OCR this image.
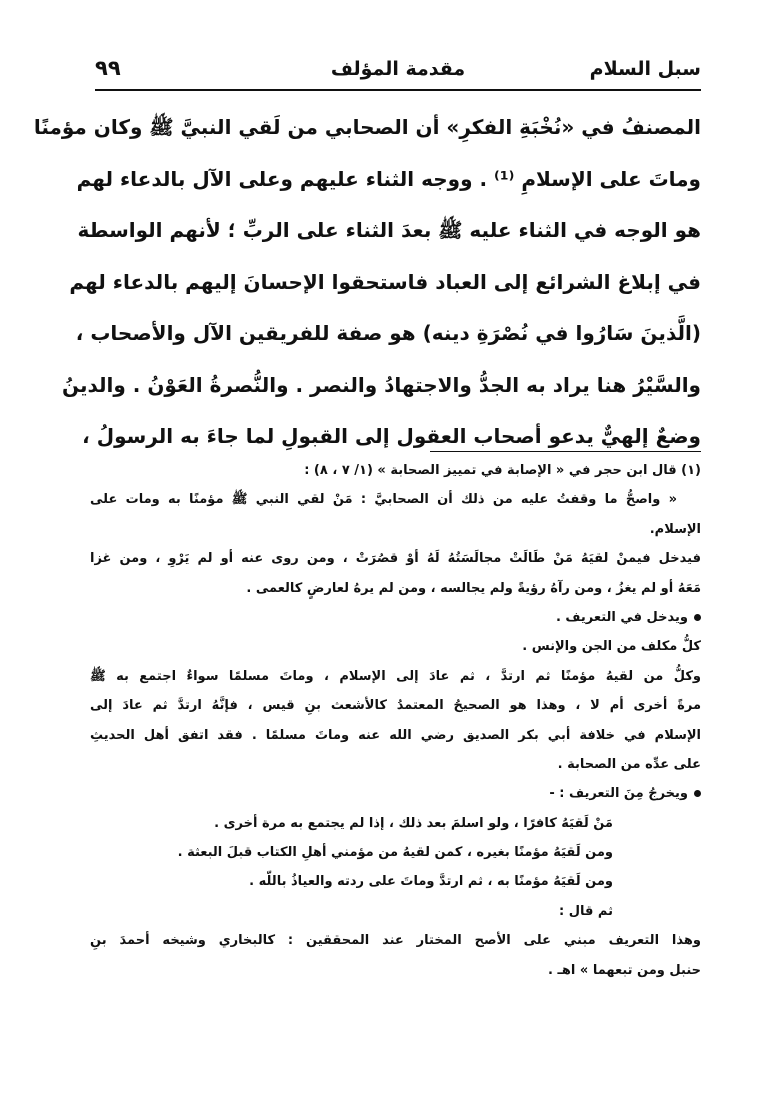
سبل السلام
مقدمة المؤلف
٩٩
المصنفُ في «نُخْبَةِ الفكرِ» أن الصحابي من لَقي النبيَّ ﷺ وكان مؤمنًا
وماتَ على الإسلامِ ⁽¹⁾ . ووجه الثناء عليهم وعلى الآل بالدعاء لهم
هو الوجه في الثناء عليه ﷺ بعدَ الثناء على الربِّ ؛ لأنهم الواسطة
في إبلاغ الشرائع إلى العباد فاستحقوا الإحسانَ إليهم بالدعاء لهم
(الَّذينَ سَارُوا في نُصْرَةِ دينه) هو صفة للفريقين الآل والأصحاب ،
والسَّيْرُ هنا يراد به الجدُّ والاجتهادُ والنصر . والنُّصرةُ العَوْنُ . والدينُ
وضعٌ إلهيٌّ يدعو أصحاب العقول إلى القبولِ لما جاءَ به الرسولُ ،
(١) قال ابن حجر في « الإصابة في تمييز الصحابة » (١/ ٧ ، ٨) :
« واصحُّ ما وقفتُ عليه من ذلك أن الصحابيَّ : مَنْ لقي النبي ﷺ مؤمنًا به ومات على
الإسلام.
فيدخل فيمنْ لقيَهُ مَنْ طَالَتْ مجالَسَتُهُ لَهُ أوْ قصُرَتْ ، ومن روى عنه أو لم يَرْوِ ، ومن غزا
مَعَهُ أو لم يغزُ ، ومن رآهُ رؤيةً ولم يجالسه ، ومن لم يرهُ لعارضٍ كالعمى .
ويدخل في التعريف .
كلُّ مكلف من الجن والإنس .
وكلُّ من لقيهُ مؤمنًا ثم ارتدَّ ، ثم عادَ إلى الإسلام ، وماتَ مسلمًا سواءٌ اجتمع به ﷺ
مرةً أخرى أم لا ، وهذا هو الصحيحُ المعتمدُ كالأشعث بنِ قيس ، فإنَّهُ ارتدَّ ثم عادَ إلى
الإسلام في خلافة أبي بكر الصديق رضي الله عنه وماتَ مسلمًا . فقد اتفق أهل الحديثِ
على عدِّه من الصحابة .
ويخرجُ مِنَ التعريف : -
مَنْ لَقيَهُ كافرًا ، ولو اسلمَ بعد ذلك ، إذا لم يجتمع به مرة أخرى .
ومن لَقيَهُ مؤمنًا بغيره ، كمن لقيهُ من مؤمني أهلِ الكتاب قبلَ البعثة .
ومن لَقيَهُ مؤمنًا به ، ثم ارتدَّ وماتَ على ردته والعياذُ باللّه .
ثم قال :
وهذا التعريف مبني على الأصح المختار عند المحققين : كالبخاري وشيخه أحمدَ بنِ
حنبل ومن تبعهما » اهـ .
